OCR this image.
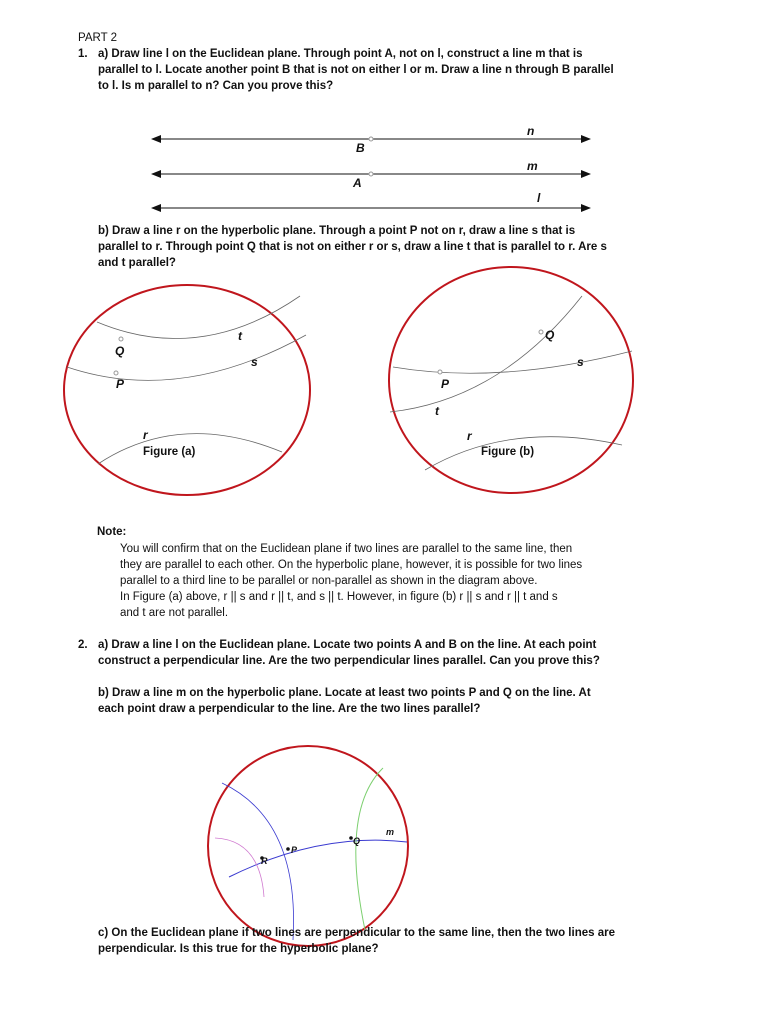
PART 2
1. a) Draw line l on the Euclidean plane. Through point A, not on l, construct a line m that is
parallel to l. Locate another point B that is not on either l or m. Draw a line n through B parallel
to l. Is m parallel to n? Can you prove this?
n
B
m
A
l
b) Draw a line r on the hyperbolic plane. Through a point P not on r, draw a line s that is
parallel to r. Through point Q that is not on either r or s, draw a line t that is parallel to r. Are s
and t parallel?
t
Q
s
P
r
Figure (a)
Q
s
P
t
r
Figure (b)
Note:
You will confirm that on the Euclidean plane if two lines are parallel to the same line, then
they are parallel to each other. On the hyperbolic plane, however, it is possible for two lines
parallel to a third line to be parallel or non-parallel as shown in the diagram above.
In Figure (a) above, r || s and r || t, and s || t. However, in figure (b) r || s and r || t and s
and t are not parallel.
2. a) Draw a line l on the Euclidean plane. Locate two points A and B on the line. At each point
construct a perpendicular line. Are the two perpendicular lines parallel. Can you prove this?
b) Draw a line m on the hyperbolic plane. Locate at least two points P and Q on the line. At
each point draw a perpendicular to the line. Are the two lines parallel?
m
Q
P
R
c) On the Euclidean plane if two lines are perpendicular to the same line, then the two lines are
perpendicular. Is this true for the hyperbolic plane?
